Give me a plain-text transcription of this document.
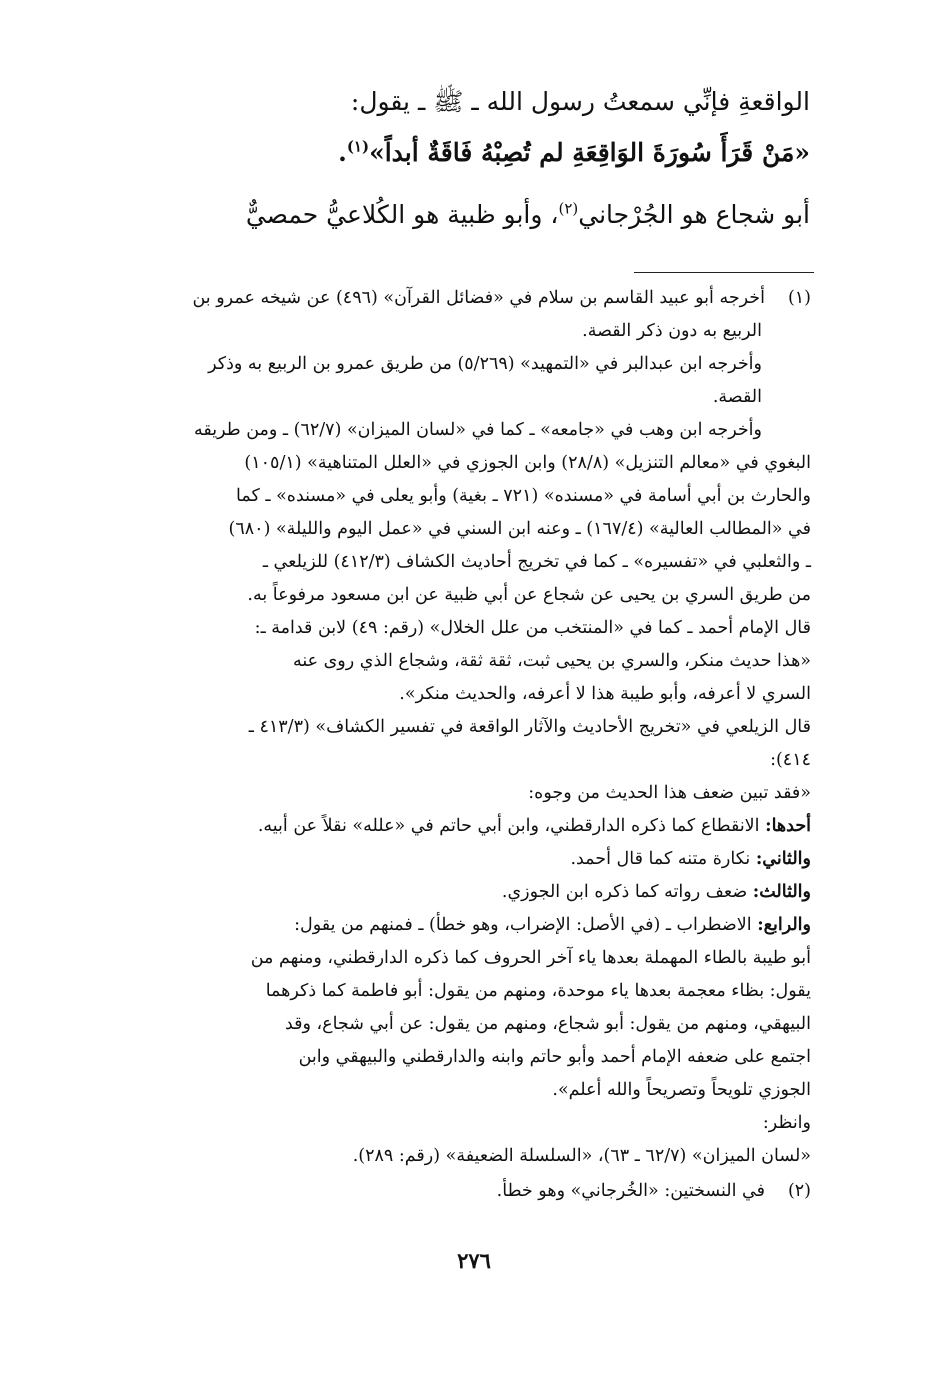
الواقعةِ فإنِّي سمعتُ رسول الله ـ ﷺ ـ يقول:

«مَنْ قَرَأَ سُورَةَ الوَاقِعَةِ لم تُصِبْهُ فَاقَةٌ أبداً»$^{(١)}$.

أبو شجاع هو الجُرْجاني$^{(٢)}$، وأبو ظبية هو الكُلاعيُّ حمصيٌّ

(١)أخرجه أبو عبيد القاسم بن سلام في «فضائل القرآن» (٤٩٦) عن شيخه عمرو بن

الربيع به دون ذكر القصة.

وأخرجه ابن عبدالبر في «التمهيد» (٥/٢٦٩) من طريق عمرو بن الربيع به وذكر

القصة.

وأخرجه ابن وهب في «جامعه» ـ كما في «لسان الميزان» (٦٢/٧) ـ ومن طريقه

البغوي في «معالم التنزيل» (٢٨/٨) وابن الجوزي في «العلل المتناهية» (١٠٥/١)

والحارث بن أبي أسامة في «مسنده» (٧٢١ ـ بغية) وأبو يعلى في «مسنده» ـ كما

في «المطالب العالية» (١٦٧/٤) ـ وعنه ابن السني في «عمل اليوم والليلة» (٦٨٠)

ـ والثعلبي في «تفسيره» ـ كما في تخريج أحاديث الكشاف (٤١٢/٣) للزيلعي ـ

من طريق السري بن يحيى عن شجاع عن أبي ظبية عن ابن مسعود مرفوعاً به.

قال الإمام أحمد ـ كما في «المنتخب من علل الخلال» (رقم: ٤٩) لابن قدامة ـ:

«هذا حديث منكر، والسري بن يحيى ثبت، ثقة ثقة، وشجاع الذي روى عنه

السري لا أعرفه، وأبو طيبة هذا لا أعرفه، والحديث منكر».

قال الزيلعي في «تخريج الأحاديث والآثار الواقعة في تفسير الكشاف» (٤١٣/٣ ـ

٤١٤):

«فقد تبين ضعف هذا الحديث من وجوه:

أحدها: الانقطاع كما ذكره الدارقطني، وابن أبي حاتم في «علله» نقلاً عن أبيه.

والثاني: نكارة متنه كما قال أحمد.

والثالث: ضعف رواته كما ذكره ابن الجوزي.

والرابع: الاضطراب ـ (في الأصل: الإضراب، وهو خطأ) ـ فمنهم من يقول:

أبو طيبة بالطاء المهملة بعدها ياء آخر الحروف كما ذكره الدارقطني، ومنهم من

يقول: بظاء معجمة بعدها ياء موحدة، ومنهم من يقول: أبو فاطمة كما ذكرهما

البيهقي، ومنهم من يقول: أبو شجاع، ومنهم من يقول: عن أبي شجاع، وقد

اجتمع على ضعفه الإمام أحمد وأبو حاتم وابنه والدارقطني والبيهقي وابن

الجوزي تلويحاً وتصريحاً والله أعلم».

وانظر:

«لسان الميزان» (٦٢/٧ ـ ٦٣)، «السلسلة الضعيفة» (رقم: ٢٨٩).

(٢)في النسختين: «الخُرجاني» وهو خطأ.

٢٧٦
